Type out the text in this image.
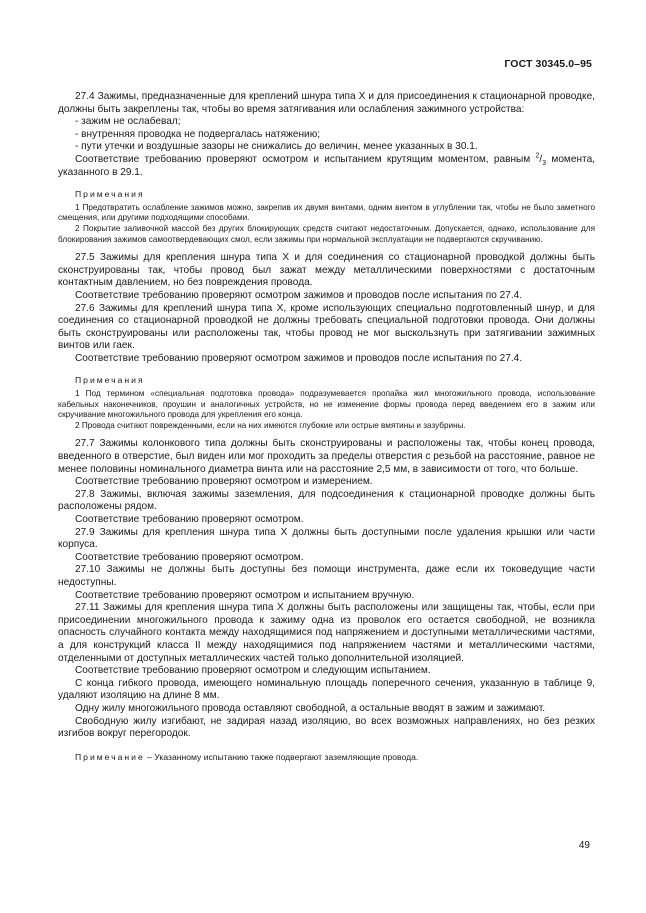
ГОСТ 30345.0–95

27.4 Зажимы, предназначенные для креплений шнура типа Х и для присоединения к стационарной проводке, должны быть закреплены так, чтобы во время затягивания или ослабления зажимного устройства:

- зажим не ослабевал;

- внутренняя проводка не подвергалась натяжению;

- пути утечки и воздушные зазоры не снижались до величин, менее указанных в 30.1.

Соответствие требованию проверяют осмотром и испытанием крутящим моментом, равным $^2/_3$ момента, указанного в 29.1.

Примечания

1 Предотвратить ослабление зажимов можно, закрепив их двумя винтами, одним винтом в углублении так, чтобы не было заметного смещения, или другими подходящими способами.

2 Покрытие заливочной массой без других блокирующих средств считают недостаточным. Допускается, однако, использование для блокирования зажимов самоотвердевающих смол, если зажимы при нормальной эксплуатации не подвергаются скручиванию.

27.5 Зажимы для крепления шнура типа Х и для соединения со стационарной проводкой должны быть сконструированы так, чтобы провод был зажат между металлическими поверхностями с достаточным контактным давлением, но без повреждения провода.

Соответствие требованию проверяют осмотром зажимов и проводов после испытания по 27.4.

27.6 Зажимы для креплений шнура типа Х, кроме использующих специально подготовленный шнур, и для соединения со стационарной проводкой не должны требовать специальной подготовки провода. Они должны быть сконструированы или расположены так, чтобы провод не мог выскользнуть при затягивании зажимных винтов или гаек.

Соответствие требованию проверяют осмотром зажимов и проводов после испытания по 27.4.

Примечания

1 Под термином «специальная подготовка провода» подразумевается пропайка жил многожильного провода, использование кабельных наконечников, проушин и аналогичных устройств, но не изменение формы провода перед введением его в зажим или скручивание многожильного провода для укрепления его конца.

2 Провода считают поврежденными, если на них имеются глубокие или острые вмятины и зазубрины.

27.7 Зажимы колонкового типа должны быть сконструированы и расположены так, чтобы конец провода, введенного в отверстие, был виден или мог проходить за пределы отверстия с резьбой на расстояние, равное не менее половины номинального диаметра винта или на расстояние 2,5 мм, в зависимости от того, что больше.

Соответствие требованию проверяют осмотром и измерением.

27.8 Зажимы, включая зажимы заземления, для подсоединения к стационарной проводке должны быть расположены рядом.

Соответствие требованию проверяют осмотром.

27.9 Зажимы для крепления шнура типа Х должны быть доступными после удаления крышки или части корпуса.

Соответствие требованию проверяют осмотром.

27.10 Зажимы не должны быть доступны без помощи инструмента, даже если их токоведущие части недоступны.

Соответствие требованию проверяют осмотром и испытанием вручную.

27.11 Зажимы для крепления шнура типа Х должны быть расположены или защищены так, чтобы, если при присоединении многожильного провода к зажиму одна из проволок его остается свободной, не возникла опасность случайного контакта между находящимися под напряжением и доступными металлическими частями, а для конструкций класса II между находящимися под напряжением частями и металлическими частями, отделенными от доступных металлических частей только дополнительной изоляцией.

Соответствие требованию проверяют осмотром и следующим испытанием.

С конца гибкого провода, имеющего номинальную площадь поперечного сечения, указанную в таблице 9, удаляют изоляцию на длине 8 мм.

Одну жилу многожильного провода оставляют свободной, а остальные вводят в зажим и зажимают.

Свободную жилу изгибают, не задирая назад изоляцию, во всех возможных направлениях, но без резких изгибов вокруг перегородок.

Примечание – Указанному испытанию также подвергают заземляющие провода.
49
